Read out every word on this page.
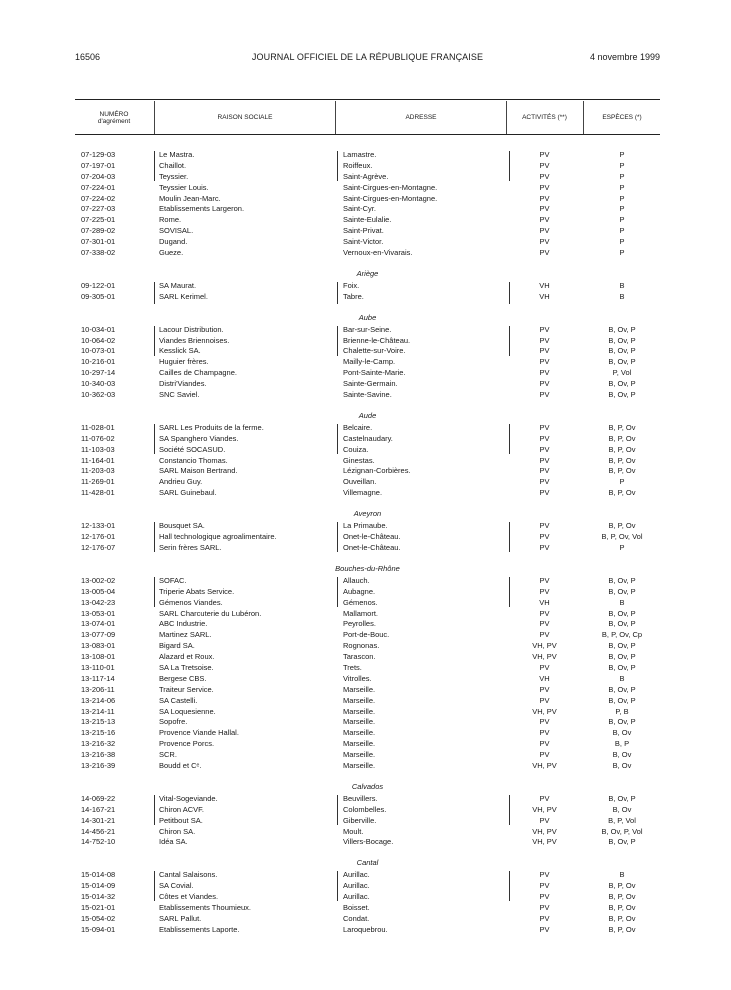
16506	JOURNAL OFFICIEL DE LA RÉPUBLIQUE FRANÇAISE	4 novembre 1999
NUMÉRO
d'agrément	RAISON SOCIALE	ADRESSE	ACTIVITÉS (**)	ESPÈCES (*)
07-129-03	Le Mastra.	Lamastre.	PV	P
07-197-01	Chaillot.	Roiffeux.	PV	P
07-204-03	Teyssier.	Saint-Agrève.	PV	P
07-224-01	Teyssier Louis.	Saint-Cirgues-en-Montagne.	PV	P
07-224-02	Moulin Jean-Marc.	Saint-Cirgues-en-Montagne.	PV	P
07-227-03	Etablissements Largeron.	Saint-Cyr.	PV	P
07-225-01	Rome.	Sainte-Eulalie.	PV	P
07-289-02	SOVISAL.	Saint-Privat.	PV	P
07-301-01	Dugand.	Saint-Victor.	PV	P
07-338-02	Gueze.	Vernoux-en-Vivarais.	PV	P
Ariège
09-122-01	SA Maurat.	Foix.	VH	B
09-305-01	SARL Kerimel.	Tabre.	VH	B
Aube
10-034-01	Lacour Distribution.	Bar-sur-Seine.	PV	B, Ov, P
10-064-02	Viandes Briennoises.	Brienne-le-Château.	PV	B, Ov, P
10-073-01	Kesslick SA.	Chalette-sur-Voire.	PV	B, Ov, P
10-216-01	Huguier frères.	Mailly-le-Camp.	PV	B, Ov, P
10-297-14	Cailles de Champagne.	Pont-Sainte-Marie.	PV	P, Vol
10-340-03	Distri'Viandes.	Sainte-Germain.	PV	B, Ov, P
10-362-03	SNC Saviel.	Sainte-Savine.	PV	B, Ov, P
Aude
11-028-01	SARL Les Produits de la ferme.	Belcaire.	PV	B, P, Ov
11-076-02	SA Spanghero Viandes.	Castelnaudary.	PV	B, P, Ov
11-103-03	Société SOCASUD.	Couiza.	PV	B, P, Ov
11-164-01	Constancio Thomas.	Ginestas.	PV	B, P, Ov
11-203-03	SARL Maison Bertrand.	Lézignan-Corbières.	PV	B, P, Ov
11-269-01	Andrieu Guy.	Ouveillan.	PV	P
11-428-01	SARL Guinebaul.	Villemagne.	PV	B, P, Ov
Aveyron
12-133-01	Bousquet SA.	La Primaube.	PV	B, P, Ov
12-176-01	Hall technologique agroalimentaire.	Onet-le-Château.	PV	B, P, Ov, Vol
12-176-07	Serin frères SARL.	Onet-le-Château.	PV	P
Bouches-du-Rhône
13-002-02	SOFAC.	Allauch.	PV	B, Ov, P
13-005-04	Triperie Abats Service.	Aubagne.	PV	B, Ov, P
13-042-23	Gémenos Viandes.	Gémenos.	VH	B
13-053-01	SARL Charcuterie du Lubéron.	Mallamort.	PV	B, Ov, P
13-074-01	ABC Industrie.	Peyrolles.	PV	B, Ov, P
13-077-09	Martinez SARL.	Port-de-Bouc.	PV	B, P, Ov, Cp
13-083-01	Bigard SA.	Rognonas.	VH, PV	B, Ov, P
13-108-01	Alazard et Roux.	Tarascon.	VH, PV	B, Ov, P
13-110-01	SA La Tretsoise.	Trets.	PV	B, Ov, P
13-117-14	Bergese CBS.	Vitrolles.	VH	B
13-206-11	Traiteur Service.	Marseille.	PV	B, Ov, P
13-214-06	SA Castelli.	Marseille.	PV	B, Ov, P
13-214-11	SA Loquesienne.	Marseille.	VH, PV	P, B
13-215-13	Sopofre.	Marseille.	PV	B, Ov, P
13-215-16	Provence Viande Hallal.	Marseille.	PV	B, Ov
13-216-32	Provence Porcs.	Marseille.	PV	B, P
13-216-38	SCR.	Marseille.	PV	B, Ov
13-216-39	Boudd et Cᵉ.	Marseille.	VH, PV	B, Ov
Calvados
14-069-22	Vital-Sogeviande.	Beuvillers.	PV	B, Ov, P
14-167-21	Chiron ACVF.	Colombelles.	VH, PV	B, Ov
14-301-21	Petitbout SA.	Giberville.	PV	B, P, Vol
14-456-21	Chiron SA.	Moult.	VH, PV	B, Ov, P, Vol
14-752-10	Idéa SA.	Villers-Bocage.	VH, PV	B, Ov, P
Cantal
15-014-08	Cantal Salaisons.	Aurillac.	PV	B
15-014-09	SA Covial.	Aurillac.	PV	B, P, Ov
15-014-32	Côtes et Viandes.	Aurillac.	PV	B, P, Ov
15-021-01	Etablissements Thoumieux.	Boisset.	PV	B, P, Ov
15-054-02	SARL Pallut.	Condat.	PV	B, P, Ov
15-094-01	Etablissements Laporte.	Laroquebrou.	PV	B, P, Ov
